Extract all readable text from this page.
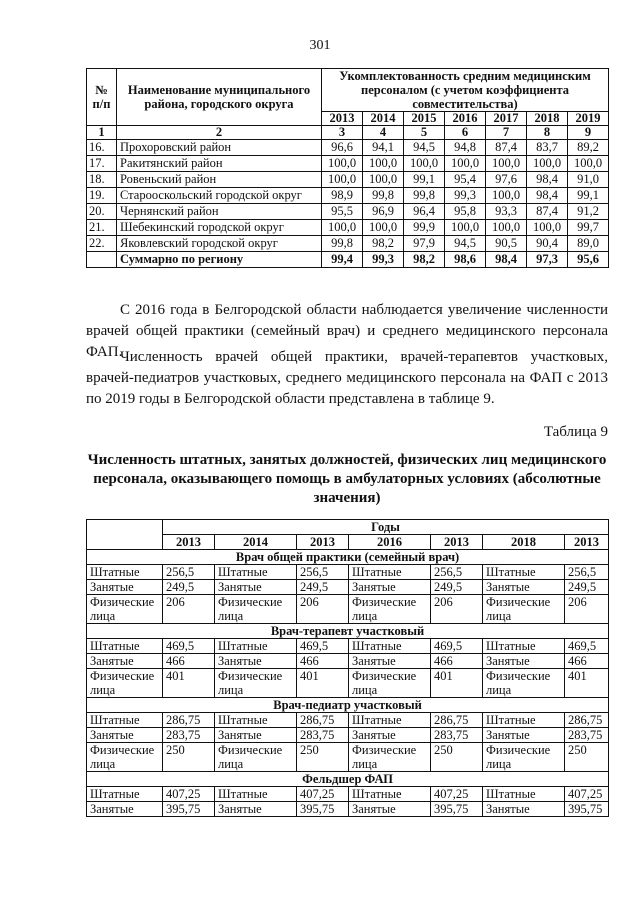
301
№ п/п	Наименование муниципального района, городского округа	Укомплектованность средним медицинским персоналом (с учетом коэффициента совместительства)						
		2013	2014	2015	2016	2017	2018	2019
1	2	3	4	5	6	7	8	9
16.	Прохоровский район	96,6	94,1	94,5	94,8	87,4	83,7	89,2
17.	Ракитянский район	100,0	100,0	100,0	100,0	100,0	100,0	100,0
18.	Ровеньский район	100,0	100,0	99,1	95,4	97,6	98,4	91,0
19.	Старооскольский городской округ	98,9	99,8	99,8	99,3	100,0	98,4	99,1
20.	Чернянский район	95,5	96,9	96,4	95,8	93,3	87,4	91,2
21.	Шебекинский городской округ	100,0	100,0	99,9	100,0	100,0	100,0	99,7
22.	Яковлевский городской округ	99,8	98,2	97,9	94,5	90,5	90,4	89,0
	Суммарно по региону	99,4	99,3	98,2	98,6	98,4	97,3	95,6

С 2016 года в Белгородской области наблюдается увеличение численности врачей общей практики (семейный врач) и среднего медицинского персонала ФАП.

Численность врачей общей практики, врачей-терапевтов участковых, врачей-педиатров участковых, среднего медицинского персонала на ФАП с 2013 по 2019 годы в Белгородской области представлена в таблице 9.

Таблица 9
Численность штатных, занятых должностей, физических лиц медицинского персонала, оказывающего помощь в амбулаторных условиях (абсолютные значения)
	Годы						
	2013	2014	2013	2016	2013	2018	2013
Врач общей практики (семейный врач)							
Штатные	256,5	Штатные	256,5	Штатные	256,5	Штатные	256,5
Занятые	249,5	Занятые	249,5	Занятые	249,5	Занятые	249,5
Физические лица	206	Физические лица	206	Физические лица	206	Физические лица	206
Врач-терапевт участковый							
Штатные	469,5	Штатные	469,5	Штатные	469,5	Штатные	469,5
Занятые	466	Занятые	466	Занятые	466	Занятые	466
Физические лица	401	Физические лица	401	Физические лица	401	Физические лица	401
Врач-педиатр участковый							
Штатные	286,75	Штатные	286,75	Штатные	286,75	Штатные	286,75
Занятые	283,75	Занятые	283,75	Занятые	283,75	Занятые	283,75
Физические лица	250	Физические лица	250	Физические лица	250	Физические лица	250
Фельдшер ФАП							
Штатные	407,25	Штатные	407,25	Штатные	407,25	Штатные	407,25
Занятые	395,75	Занятые	395,75	Занятые	395,75	Занятые	395,75
